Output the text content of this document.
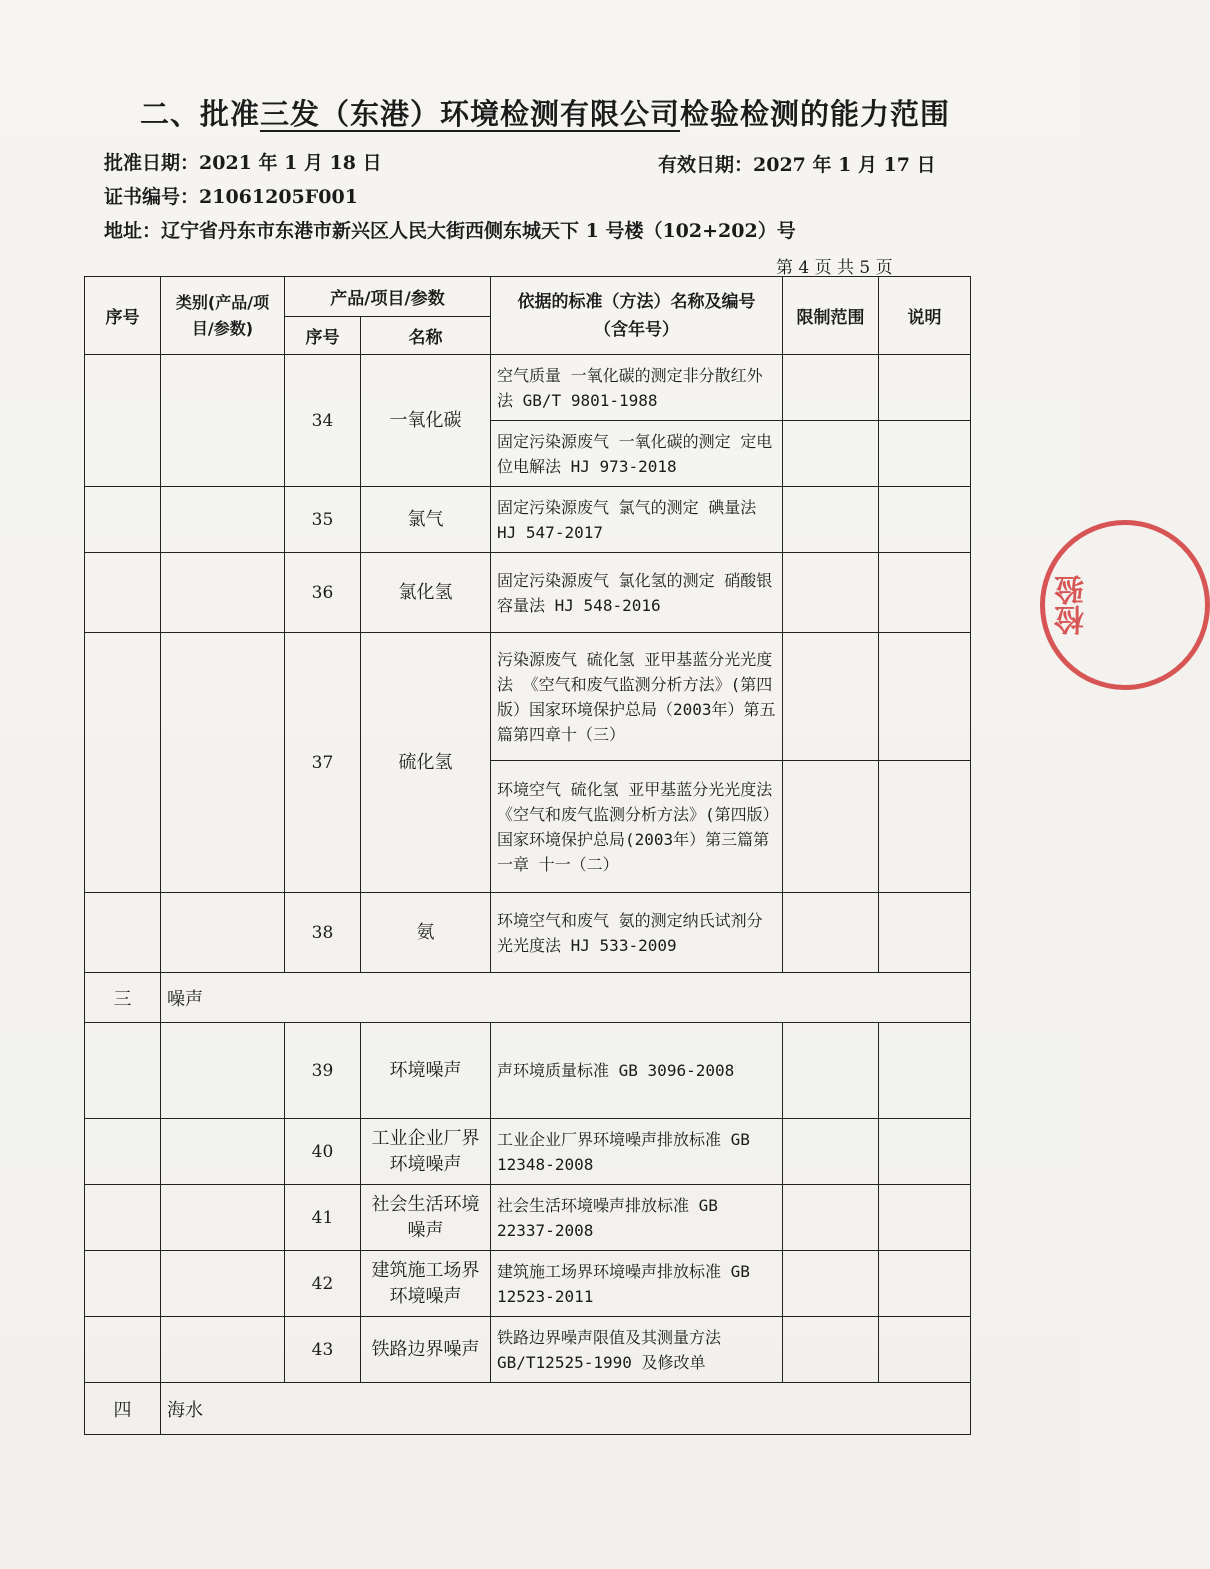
二、批准三发（东港）环境检测有限公司检验检测的能力范围
批准日期：2021 年 1 月 18 日	有效日期：2027 年 1 月 17 日
证书编号：21061205F001
地址：辽宁省丹东市东港市新兴区人民大街西侧东城天下 1 号楼（102+202）号
第 4 页 共 5 页
序号	类别(产品/项目/参数)	产品/项目/参数		依据的标准（方法）名称及编号（含年号）	限制范围	说明
		序号	名称			
		34	一氧化碳	空气质量 一氧化碳的测定非分散红外法 GB/T 9801-1988		
				固定污染源废气 一氧化碳的测定 定电位电解法 HJ 973-2018		
		35	氯气	固定污染源废气 氯气的测定 碘量法 HJ 547-2017		
		36	氯化氢	固定污染源废气 氯化氢的测定 硝酸银容量法 HJ 548-2016		
		37	硫化氢	污染源废气 硫化氢 亚甲基蓝分光光度法 《空气和废气监测分析方法》(第四版）国家环境保护总局（2003年）第五篇第四章十（三）		
				环境空气 硫化氢 亚甲基蓝分光光度法 《空气和废气监测分析方法》(第四版）国家环境保护总局(2003年）第三篇第一章 十一（二）		
		38	氨	环境空气和废气 氨的测定纳氏试剂分光光度法 HJ 533-2009		
三	噪声					
		39	环境噪声	声环境质量标准 GB 3096-2008		
		40	工业企业厂界环境噪声	工业企业厂界环境噪声排放标准 GB 12348-2008		
		41	社会生活环境噪声	社会生活环境噪声排放标准 GB 22337-2008		
		42	建筑施工场界环境噪声	建筑施工场界环境噪声排放标准 GB 12523-2011		
		43	铁路边界噪声	铁路边界噪声限值及其测量方法 GB/T12525-1990 及修改单		
四	海水					
检验
